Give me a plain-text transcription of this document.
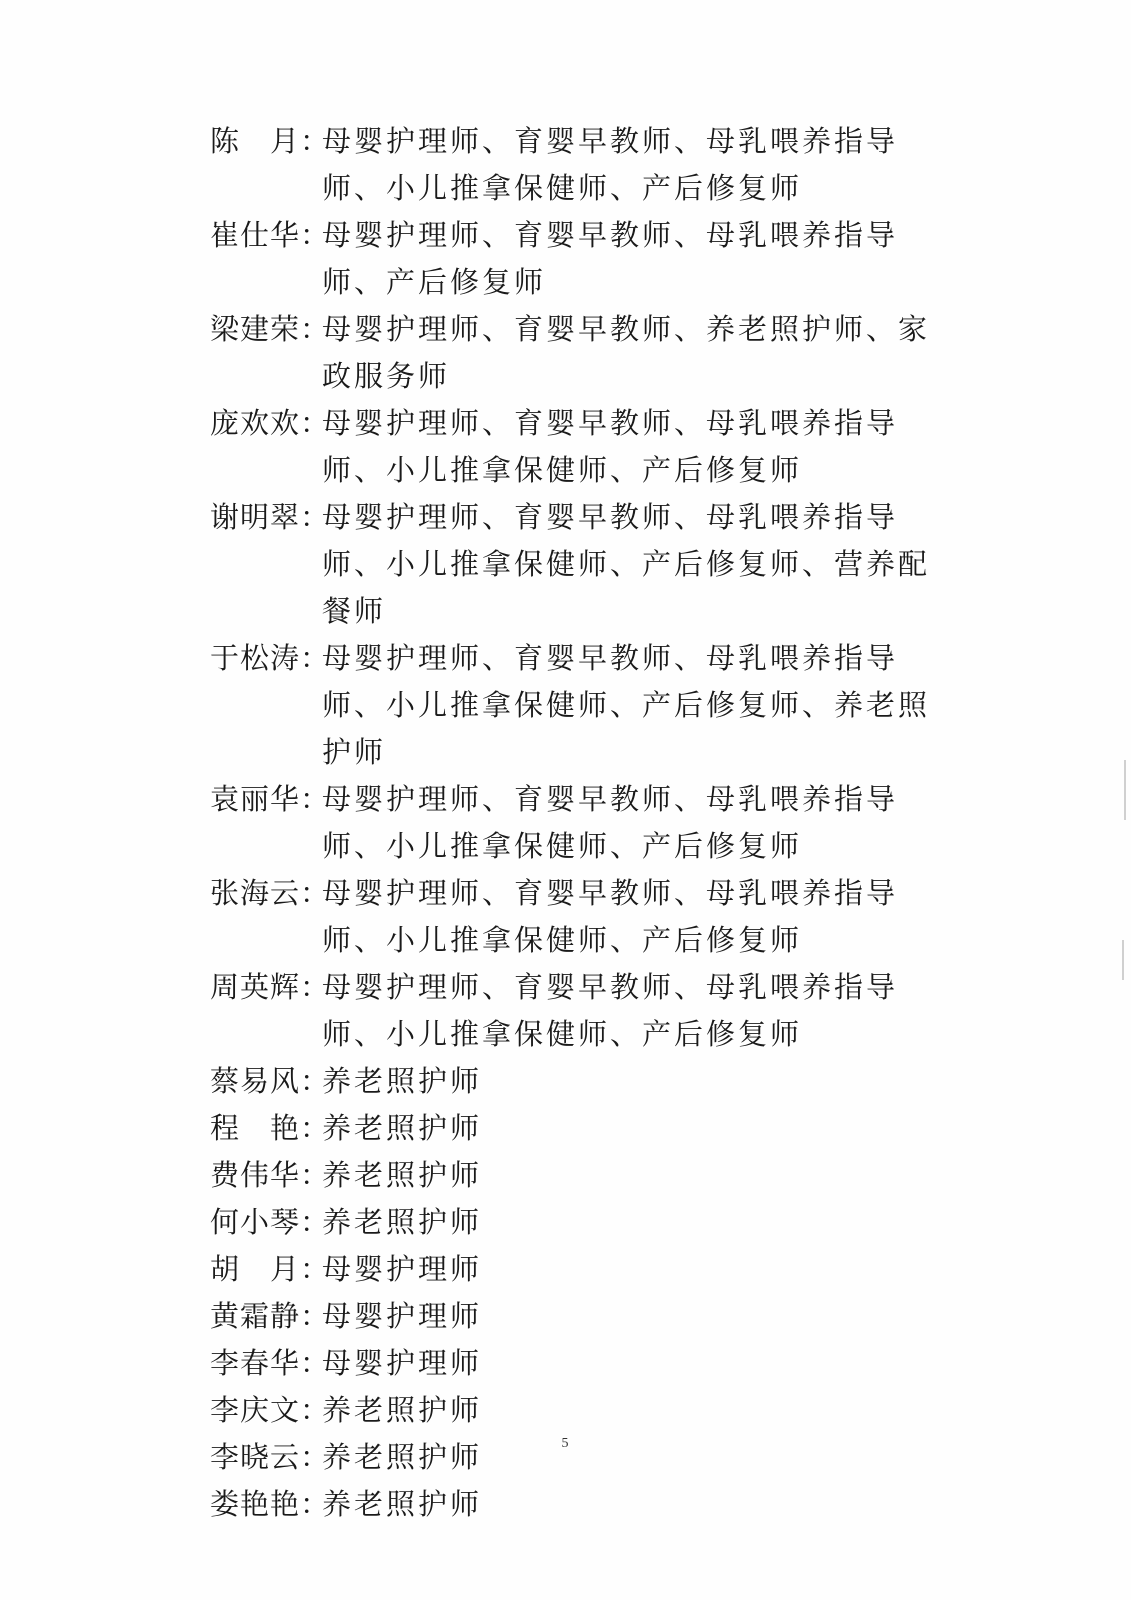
陈　月：
母婴护理师、育婴早教师、母乳喂养指导师、小儿推拿保健师、产后修复师
崔仕华：
母婴护理师、育婴早教师、母乳喂养指导师、产后修复师
梁建荣：
母婴护理师、育婴早教师、养老照护师、家政服务师
庞欢欢：
母婴护理师、育婴早教师、母乳喂养指导师、小儿推拿保健师、产后修复师
谢明翠：
母婴护理师、育婴早教师、母乳喂养指导师、小儿推拿保健师、产后修复师、营养配餐师
于松涛：
母婴护理师、育婴早教师、母乳喂养指导师、小儿推拿保健师、产后修复师、养老照护师
袁丽华：
母婴护理师、育婴早教师、母乳喂养指导师、小儿推拿保健师、产后修复师
张海云：
母婴护理师、育婴早教师、母乳喂养指导师、小儿推拿保健师、产后修复师
周英辉：
母婴护理师、育婴早教师、母乳喂养指导师、小儿推拿保健师、产后修复师
蔡易风：
养老照护师
程　艳：
养老照护师
费伟华：
养老照护师
何小琴：
养老照护师
胡　月：
母婴护理师
黄霜静：
母婴护理师
李春华：
母婴护理师
李庆文：
养老照护师
李晓云：
养老照护师
娄艳艳：
养老照护师
5
